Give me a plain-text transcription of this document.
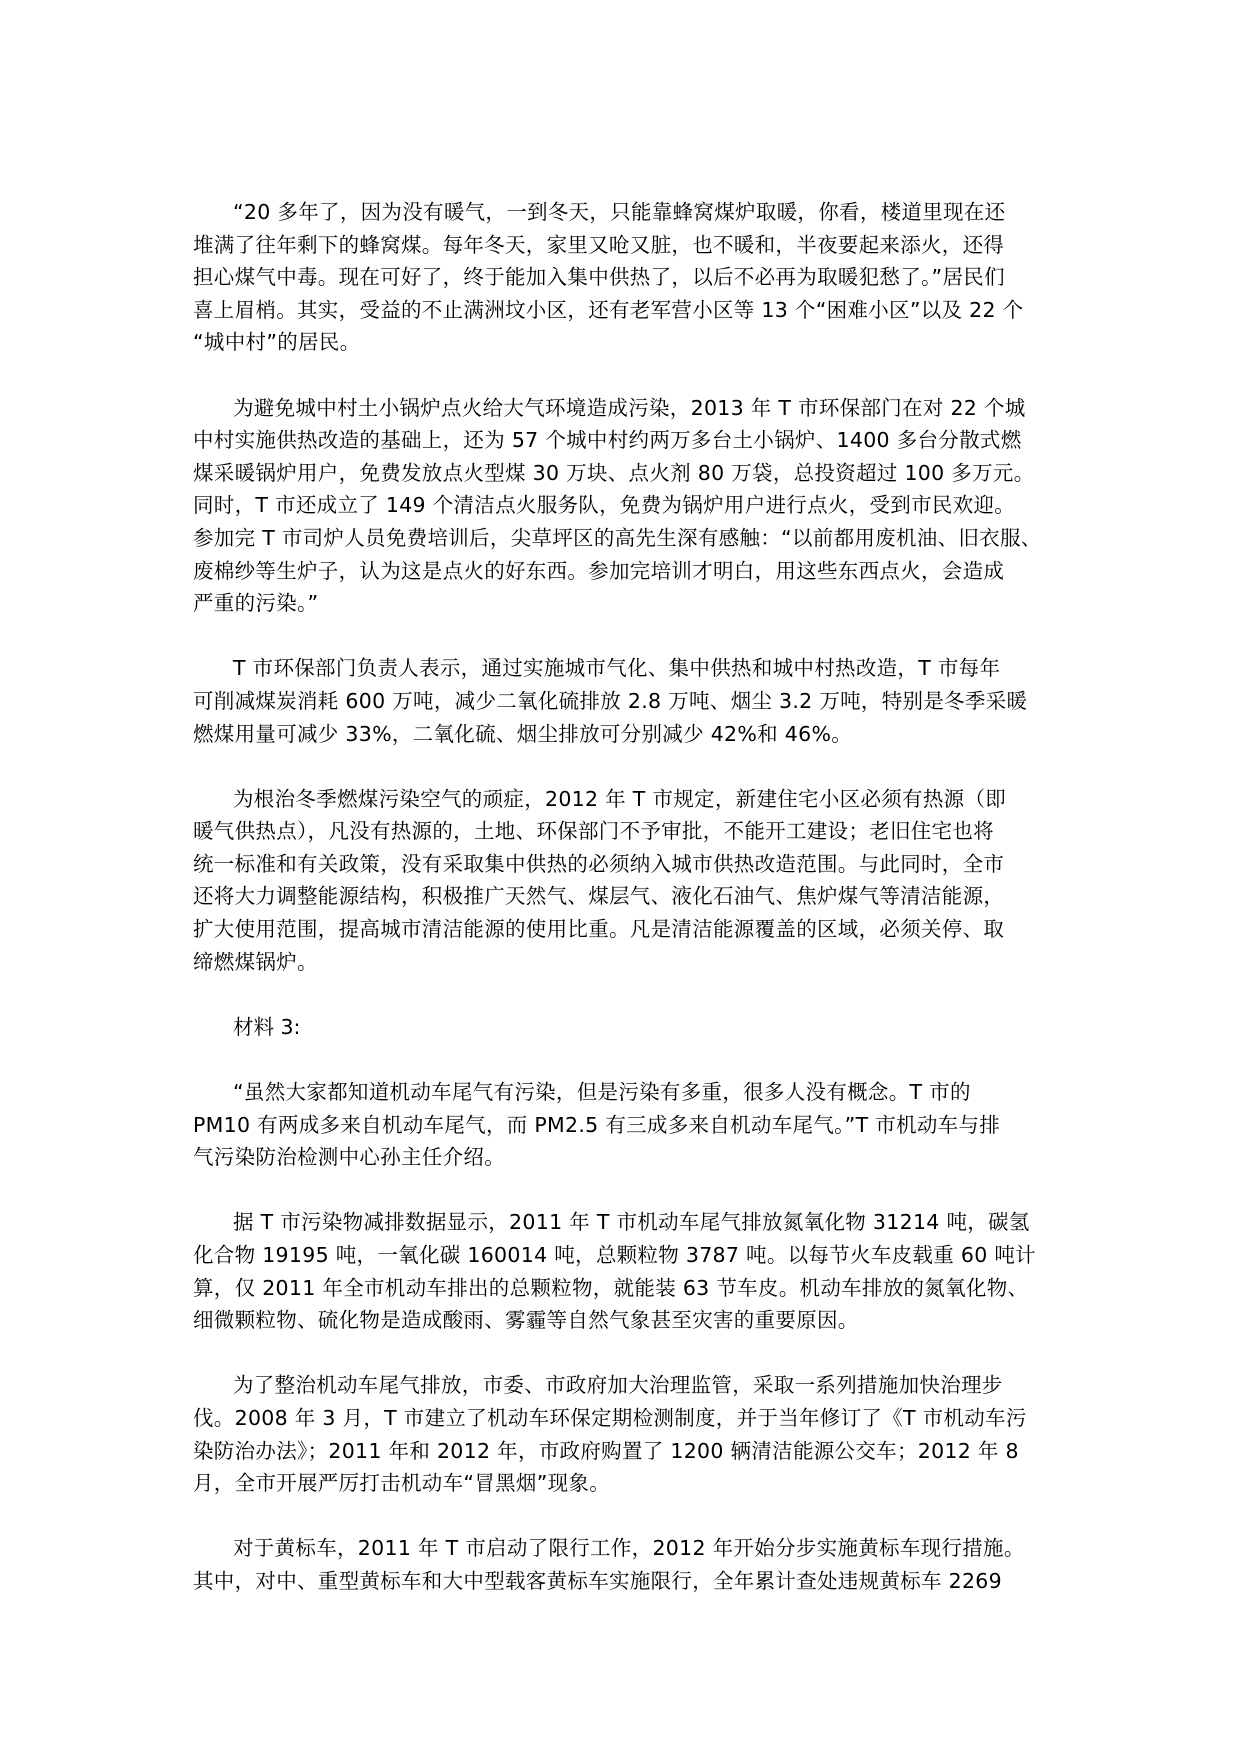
“20 多年了，因为没有暖气，一到冬天，只能靠蜂窝煤炉取暖，你看，楼道里现在还
堆满了往年剩下的蜂窝煤。每年冬天，家里又呛又脏，也不暖和，半夜要起来添火，还得
担心煤气中毒。现在可好了，终于能加入集中供热了，以后不必再为取暖犯愁了。”居民们
喜上眉梢。其实，受益的不止满洲坟小区，还有老军营小区等 13 个“困难小区”以及 22 个
“城中村”的居民。
为避免城中村土小锅炉点火给大气环境造成污染，2013 年 T 市环保部门在对 22 个城
中村实施供热改造的基础上，还为 57 个城中村约两万多台土小锅炉、1400 多台分散式燃
煤采暖锅炉用户，免费发放点火型煤 30 万块、点火剂 80 万袋，总投资超过 100 多万元。
同时，T 市还成立了 149 个清洁点火服务队，免费为锅炉用户进行点火，受到市民欢迎。
参加完 T 市司炉人员免费培训后，尖草坪区的高先生深有感触：“以前都用废机油、旧衣服、
废棉纱等生炉子，认为这是点火的好东西。参加完培训才明白，用这些东西点火，会造成
严重的污染。”
T 市环保部门负责人表示，通过实施城市气化、集中供热和城中村热改造，T 市每年
可削减煤炭消耗 600 万吨，减少二氧化硫排放 2.8 万吨、烟尘 3.2 万吨，特别是冬季采暖
燃煤用量可减少 33%，二氧化硫、烟尘排放可分别减少 42%和 46%。
为根治冬季燃煤污染空气的顽症，2012 年 T 市规定，新建住宅小区必须有热源（即
暖气供热点），凡没有热源的，土地、环保部门不予审批，不能开工建设；老旧住宅也将
统一标准和有关政策，没有采取集中供热的必须纳入城市供热改造范围。与此同时，全市
还将大力调整能源结构，积极推广天然气、煤层气、液化石油气、焦炉煤气等清洁能源，
扩大使用范围，提高城市清洁能源的使用比重。凡是清洁能源覆盖的区域，必须关停、取
缔燃煤锅炉。
材料 3:
“虽然大家都知道机动车尾气有污染，但是污染有多重，很多人没有概念。T 市的
PM10 有两成多来自机动车尾气，而 PM2.5 有三成多来自机动车尾气。”T 市机动车与排
气污染防治检测中心孙主任介绍。
据 T 市污染物减排数据显示，2011 年 T 市机动车尾气排放氮氧化物 31214 吨，碳氢
化合物 19195 吨，一氧化碳 160014 吨，总颗粒物 3787 吨。以每节火车皮载重 60 吨计
算，仅 2011 年全市机动车排出的总颗粒物，就能装 63 节车皮。机动车排放的氮氧化物、
细微颗粒物、硫化物是造成酸雨、雾霾等自然气象甚至灾害的重要原因。
为了整治机动车尾气排放，市委、市政府加大治理监管，采取一系列措施加快治理步
伐。2008 年 3 月，T 市建立了机动车环保定期检测制度，并于当年修订了《T 市机动车污
染防治办法》；2011 年和 2012 年，市政府购置了 1200 辆清洁能源公交车；2012 年 8
月，全市开展严厉打击机动车“冒黑烟”现象。
对于黄标车，2011 年 T 市启动了限行工作，2012 年开始分步实施黄标车现行措施。
其中，对中、重型黄标车和大中型载客黄标车实施限行，全年累计查处违规黄标车 2269
